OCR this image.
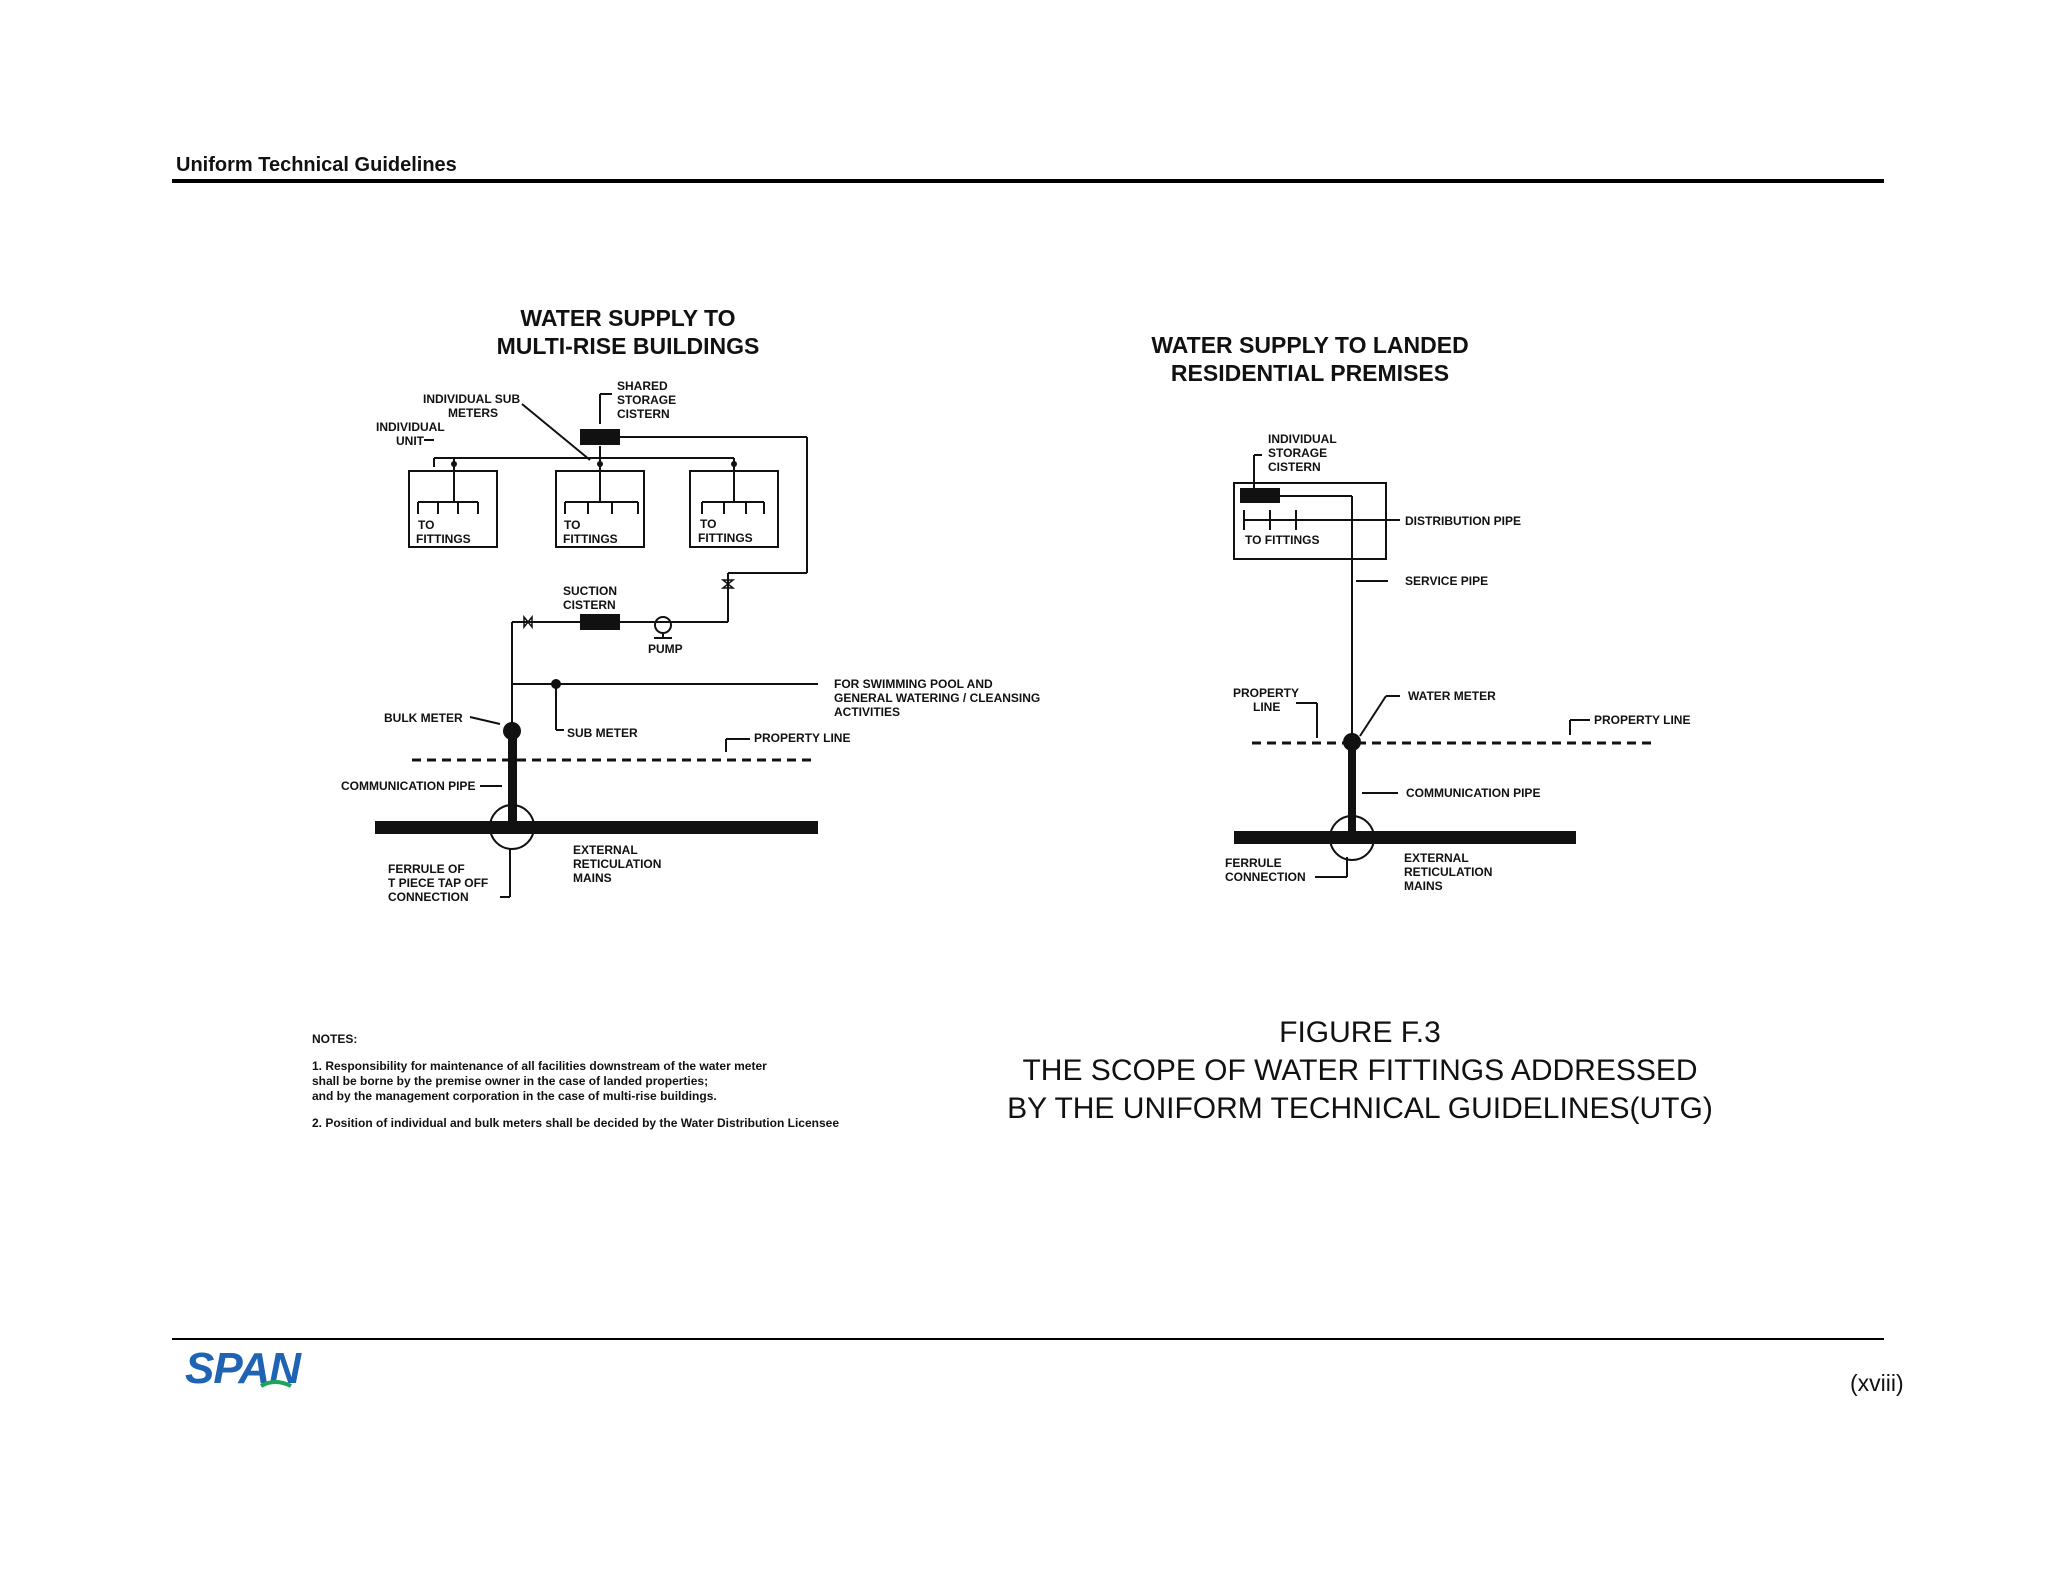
Uniform Technical Guidelines
WATER SUPPLY TO
MULTI-RISE BUILDINGS
INDIVIDUAL SUB
METERS
SHARED
STORAGE
CISTERN
INDIVIDUAL
UNIT
TO
FITTINGS
TO
FITTINGS
TO
FITTINGS
SUCTION
CISTERN
PUMP
FOR SWIMMING POOL AND
GENERAL WATERING / CLEANSING
ACTIVITIES
BULK METER
SUB METER	PROPERTY LINE
COMMUNICATION PIPE
EXTERNAL
RETICULATION
MAINS
FERRULE OF
T PIECE TAP OFF
CONNECTION
WATER SUPPLY TO LANDED
RESIDENTIAL PREMISES
INDIVIDUAL
STORAGE
CISTERN
DISTRIBUTION PIPE
TO FITTINGS
SERVICE PIPE
PROPERTY
LINE
WATER METER
PROPERTY LINE
COMMUNICATION PIPE
FERRULE
CONNECTION
EXTERNAL
RETICULATION
MAINS
NOTES:
1. Responsibility for maintenance of all facilities downstream of the water meter
shall be borne by the premise owner in the case of landed properties;
and by the management corporation in the case of multi-rise buildings.
2. Position of individual and bulk meters shall be decided by the Water Distribution Licensee
FIGURE F.3
THE SCOPE OF WATER FITTINGS ADDRESSED
BY THE UNIFORM TECHNICAL GUIDELINES(UTG)
SPAN	(xviii)
